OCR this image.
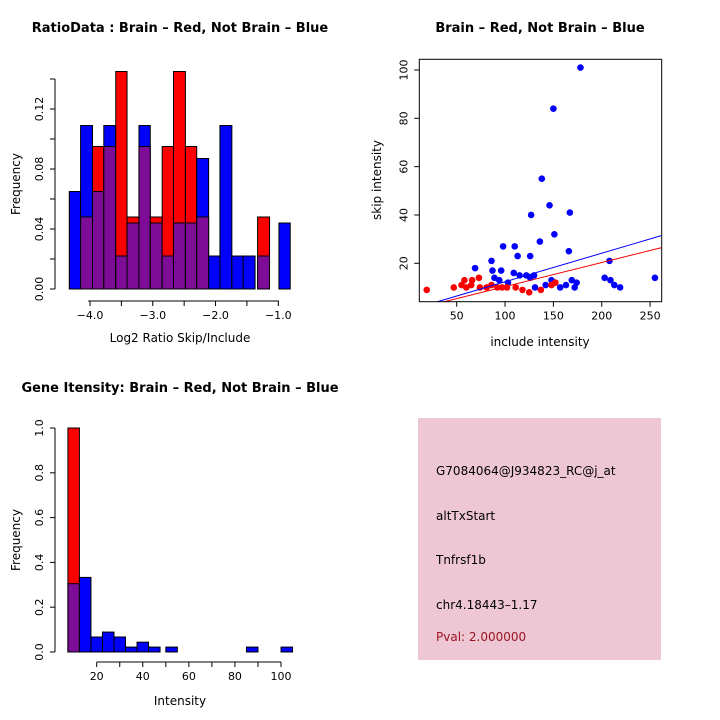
0.00
0.04
0.08
0.12
−4.0	−3.0	−2.0	−1.0	50	100 150 200 250
20
40
60
80
100
0.0
0.2
0.4
0.6
0.8
1.0
20	40	60	80	100
RatioData : Brain – Red, Not Brain – Blue	Brain – Red, Not Brain – Blue
Gene Itensity: Brain – Red, Not Brain – Blue
Log2 Ratio Skip/Include	include intensity
Intensity
Frequency	skip intensity
Frequency
G7084064@J934823_RC@j_at
altTxStart
Tnfrsf1b
chr4.18443–1.17
Pval: 2.000000
